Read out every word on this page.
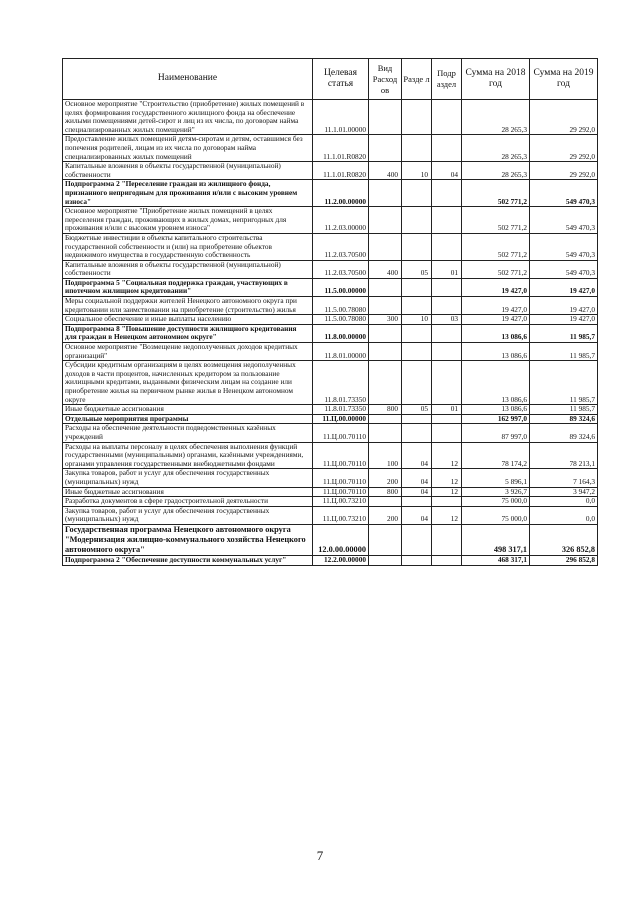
Наименование	Целевая статья	Вид Расход ов	Разде л	Подр аздел	Сумма на 2018 год	Сумма на 2019 год
Основное мероприятие "Строительство (приобретение) жилых помещений в целях формирования государственного жилищного фонда на обеспечение жилыми помещениями детей-сирот и лиц из их числа, по договорам найма специализированных жилых помещений"	11.1.01.00000				28 265,3	29 292,0
Предоставление жилых помещений детям-сиротам и детям, оставшимся без попечения родителей, лицам из их числа по договорам найма специализированных жилых помещений	11.1.01.R0820				28 265,3	29 292,0
Капитальные вложения в объекты государственной (муниципальной) собственности	11.1.01.R0820	400	10	04	28 265,3	29 292,0
Подпрограмма 2 "Переселение граждан из жилищного фонда, признанного непригодным для проживания и/или с высоким уровнем износа"	11.2.00.00000				502 771,2	549 470,3
Основное мероприятие "Приобретение жилых помещений в целях переселения граждан, проживающих в жилых домах, непригодных для проживания и/или с высоким уровнем износа"	11.2.03.00000				502 771,2	549 470,3
Бюджетные инвестиции в объекты капитального строительства государственной собственности и (или) на приобретение объектов недвижимого имущества в государственную собственность	11.2.03.70500				502 771,2	549 470,3
Капитальные вложения в объекты государственной (муниципальной) собственности	11.2.03.70500	400	05	01	502 771,2	549 470,3
Подпрограмма 5 "Социальная поддержка граждан, участвующих в ипотечном жилищном кредитовании"	11.5.00.00000				19 427,0	19 427,0
Меры социальной поддержки жителей Ненецкого автономного округа при кредитовании или заимствовании на приобретение (строительство) жилья	11.5.00.78080				19 427,0	19 427,0
Социальное обеспечение и иные выплаты населению	11.5.00.78080	300	10	03	19 427,0	19 427,0
Подпрограмма 8 "Повышение доступности жилищного кредитования для граждан в Ненецком автономном округе"	11.8.00.00000				13 086,6	11 985,7
Основное мероприятие "Возмещение недополученных доходов кредитных организаций"	11.8.01.00000				13 086,6	11 985,7
Субсидии кредитным организациям в целях возмещения недополученных доходов в части процентов, начисленных кредитором за пользование жилищными кредитами, выданными физическим лицам на создание или приобретение жилья на первичном рынке жилья в Ненецком автономном округе	11.8.01.73350				13 086,6	11 985,7
Иные бюджетные ассигнования	11.8.01.73350	800	05	01	13 086,6	11 985,7
Отдельные мероприятия программы	11.Ц.00.00000				162 997,0	89 324,6
Расходы на обеспечение деятельности подведомственных казённых учреждений	11.Ц.00.70110				87 997,0	89 324,6
Расходы на выплаты персоналу в целях обеспечения выполнения функций государственными (муниципальными) органами, казёнными учреждениями, органами управления государственными внебюджетными фондами	11.Ц.00.70110	100	04	12	78 174,2	78 213,1
Закупка товаров, работ и услуг для обеспечения государственных (муниципальных) нужд	11.Ц.00.70110	200	04	12	5 896,1	7 164,3
Иные бюджетные ассигнования	11.Ц.00.70110	800	04	12	3 926,7	3 947,2
Разработка документов в сфере градостроительной деятельности	11.Ц.00.73210				75 000,0	0,0
Закупка товаров, работ и услуг для обеспечения государственных (муниципальных) нужд	11.Ц.00.73210	200	04	12	75 000,0	0,0
Государственная программа Ненецкого автономного округа "Модернизация жилищно-коммунального хозяйства Ненецкого автономного округа"	12.0.00.00000				498 317,1	326 852,8
Подпрограмма 2 "Обеспечение доступности коммунальных услуг"	12.2.00.00000				468 317,1	296 852,8
7
